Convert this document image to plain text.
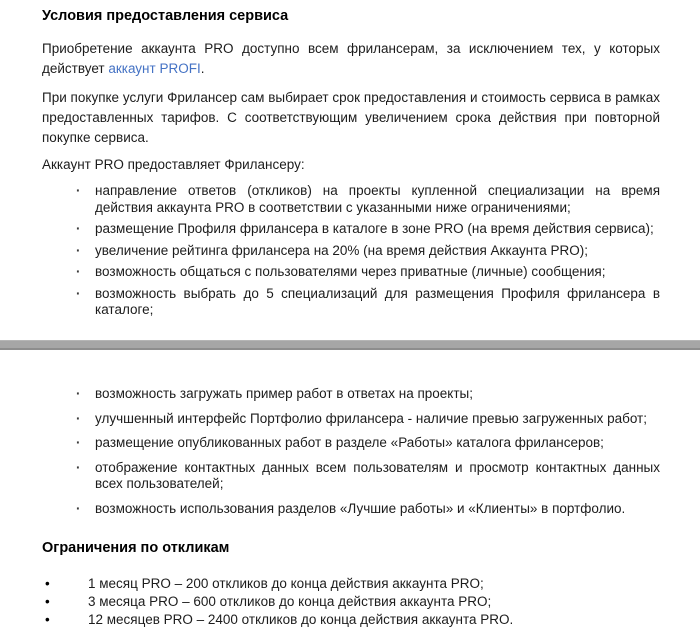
Условия предоставления сервиса

Приобретение аккаунта PRO доступно всем фрилансерам, за исключением тех, у которых действует аккаунт PROFI.

При покупке услуги Фрилансер сам выбирает срок предоставления и стоимость сервиса в рамках предоставленных тарифов. С соответствующим увеличением срока действия при повторной покупке сервиса.

Аккаунт PRO предоставляет Фрилансеру:

· направление ответов (откликов) на проекты купленной специализации на время действия аккаунта PRO в соответствии с указанными ниже ограничениями;
· размещение Профиля фрилансера в каталоге в зоне PRO (на время действия сервиса);
· увеличение рейтинга фрилансера на 20% (на время действия Аккаунта PRO);
· возможность общаться с пользователями через приватные (личные) сообщения;
· возможность выбрать до 5 специализаций для размещения Профиля фрилансера в каталоге;
· возможность загружать пример работ в ответах на проекты;
· улучшенный интерфейс Портфолио фрилансера - наличие превью загруженных работ;
· размещение опубликованных работ в разделе «Работы» каталога фрилансеров;
· отображение контактных данных всем пользователям и просмотр контактных данных всех пользователей;
· возможность использования разделов «Лучшие работы» и «Клиенты» в портфолио.
Ограничения по откликам
• 1 месяц PRO – 200 откликов до конца действия аккаунта PRO;
• 3 месяца PRO – 600 откликов до конца действия аккаунта PRO;
• 12 месяцев PRO – 2400 откликов до конца действия аккаунта PRO.
